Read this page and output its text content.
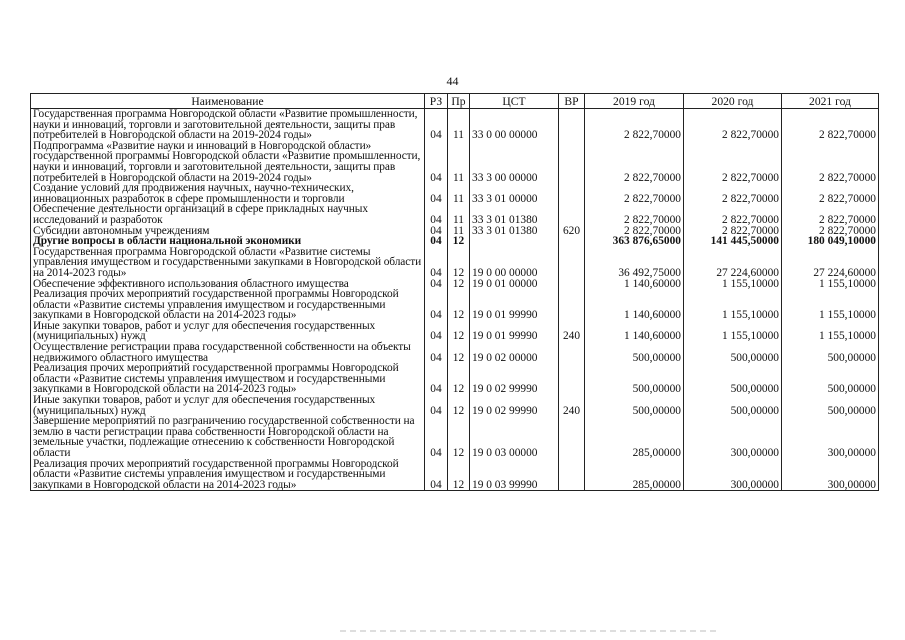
44
Наименование	РЗ	Пр	ЦСТ	ВР	2019 год	2020 год	2021 год
Государственная программа Новгородской области «Развитие промышленности, науки и инноваций, торговли и заготовительной деятельности, защиты прав потребителей в Новгородской области на 2019-2024 годы»	04	11	33 0 00 00000		2 822,70000	2 822,70000	2 822,70000
Подпрограмма «Развитие науки и инноваций в Новгородской области» государственной программы Новгородской области «Развитие промышленности, науки и инноваций, торговли и заготовительной деятельности, защиты прав потребителей в Новгородской области на 2019-2024 годы»	04	11	33 3 00 00000		2 822,70000	2 822,70000	2 822,70000
Создание условий для продвижения научных, научно-технических, инновационных разработок в сфере промышленности и торговли	04	11	33 3 01 00000		2 822,70000	2 822,70000	2 822,70000
Обеспечение деятельности организаций в сфере прикладных научных исследований и разработок	04	11	33 3 01 01380		2 822,70000	2 822,70000	2 822,70000
Субсидии автономным учреждениям	04	11	33 3 01 01380	620	2 822,70000	2 822,70000	2 822,70000
Другие вопросы в области национальной экономики	04	12			363 876,65000	141 445,50000	180 049,10000
Государственная программа Новгородской области «Развитие системы управления имуществом и государственными закупками в Новгородской области на 2014-2023 годы»	04	12	19 0 00 00000		36 492,75000	27 224,60000	27 224,60000
Обеспечение эффективного использования областного имущества	04	12	19 0 01 00000		1 140,60000	1 155,10000	1 155,10000
Реализация прочих мероприятий государственной программы Новгородской области «Развитие системы управления имуществом и государственными закупками в Новгородской области на 2014-2023 годы»	04	12	19 0 01 99990		1 140,60000	1 155,10000	1 155,10000
Иные закупки товаров, работ и услуг для обеспечения государственных (муниципальных) нужд	04	12	19 0 01 99990	240	1 140,60000	1 155,10000	1 155,10000
Осуществление регистрации права государственной собственности на объекты недвижимого областного имущества	04	12	19 0 02 00000		500,00000	500,00000	500,00000
Реализация прочих мероприятий государственной программы Новгородской области «Развитие системы управления имуществом и государственными закупками в Новгородской области на 2014-2023 годы»	04	12	19 0 02 99990		500,00000	500,00000	500,00000
Иные закупки товаров, работ и услуг для обеспечения государственных (муниципальных) нужд	04	12	19 0 02 99990	240	500,00000	500,00000	500,00000
Завершение мероприятий по разграничению государственной собственности на землю в части регистрации права собственности Новгородской области на земельные участки, подлежащие отнесению к собственности Новгородской области	04	12	19 0 03 00000		285,00000	300,00000	300,00000
Реализация прочих мероприятий государственной программы Новгородской области «Развитие системы управления имуществом и государственными закупками в Новгородской области на 2014-2023 годы»	04	12	19 0 03 99990		285,00000	300,00000	300,00000
